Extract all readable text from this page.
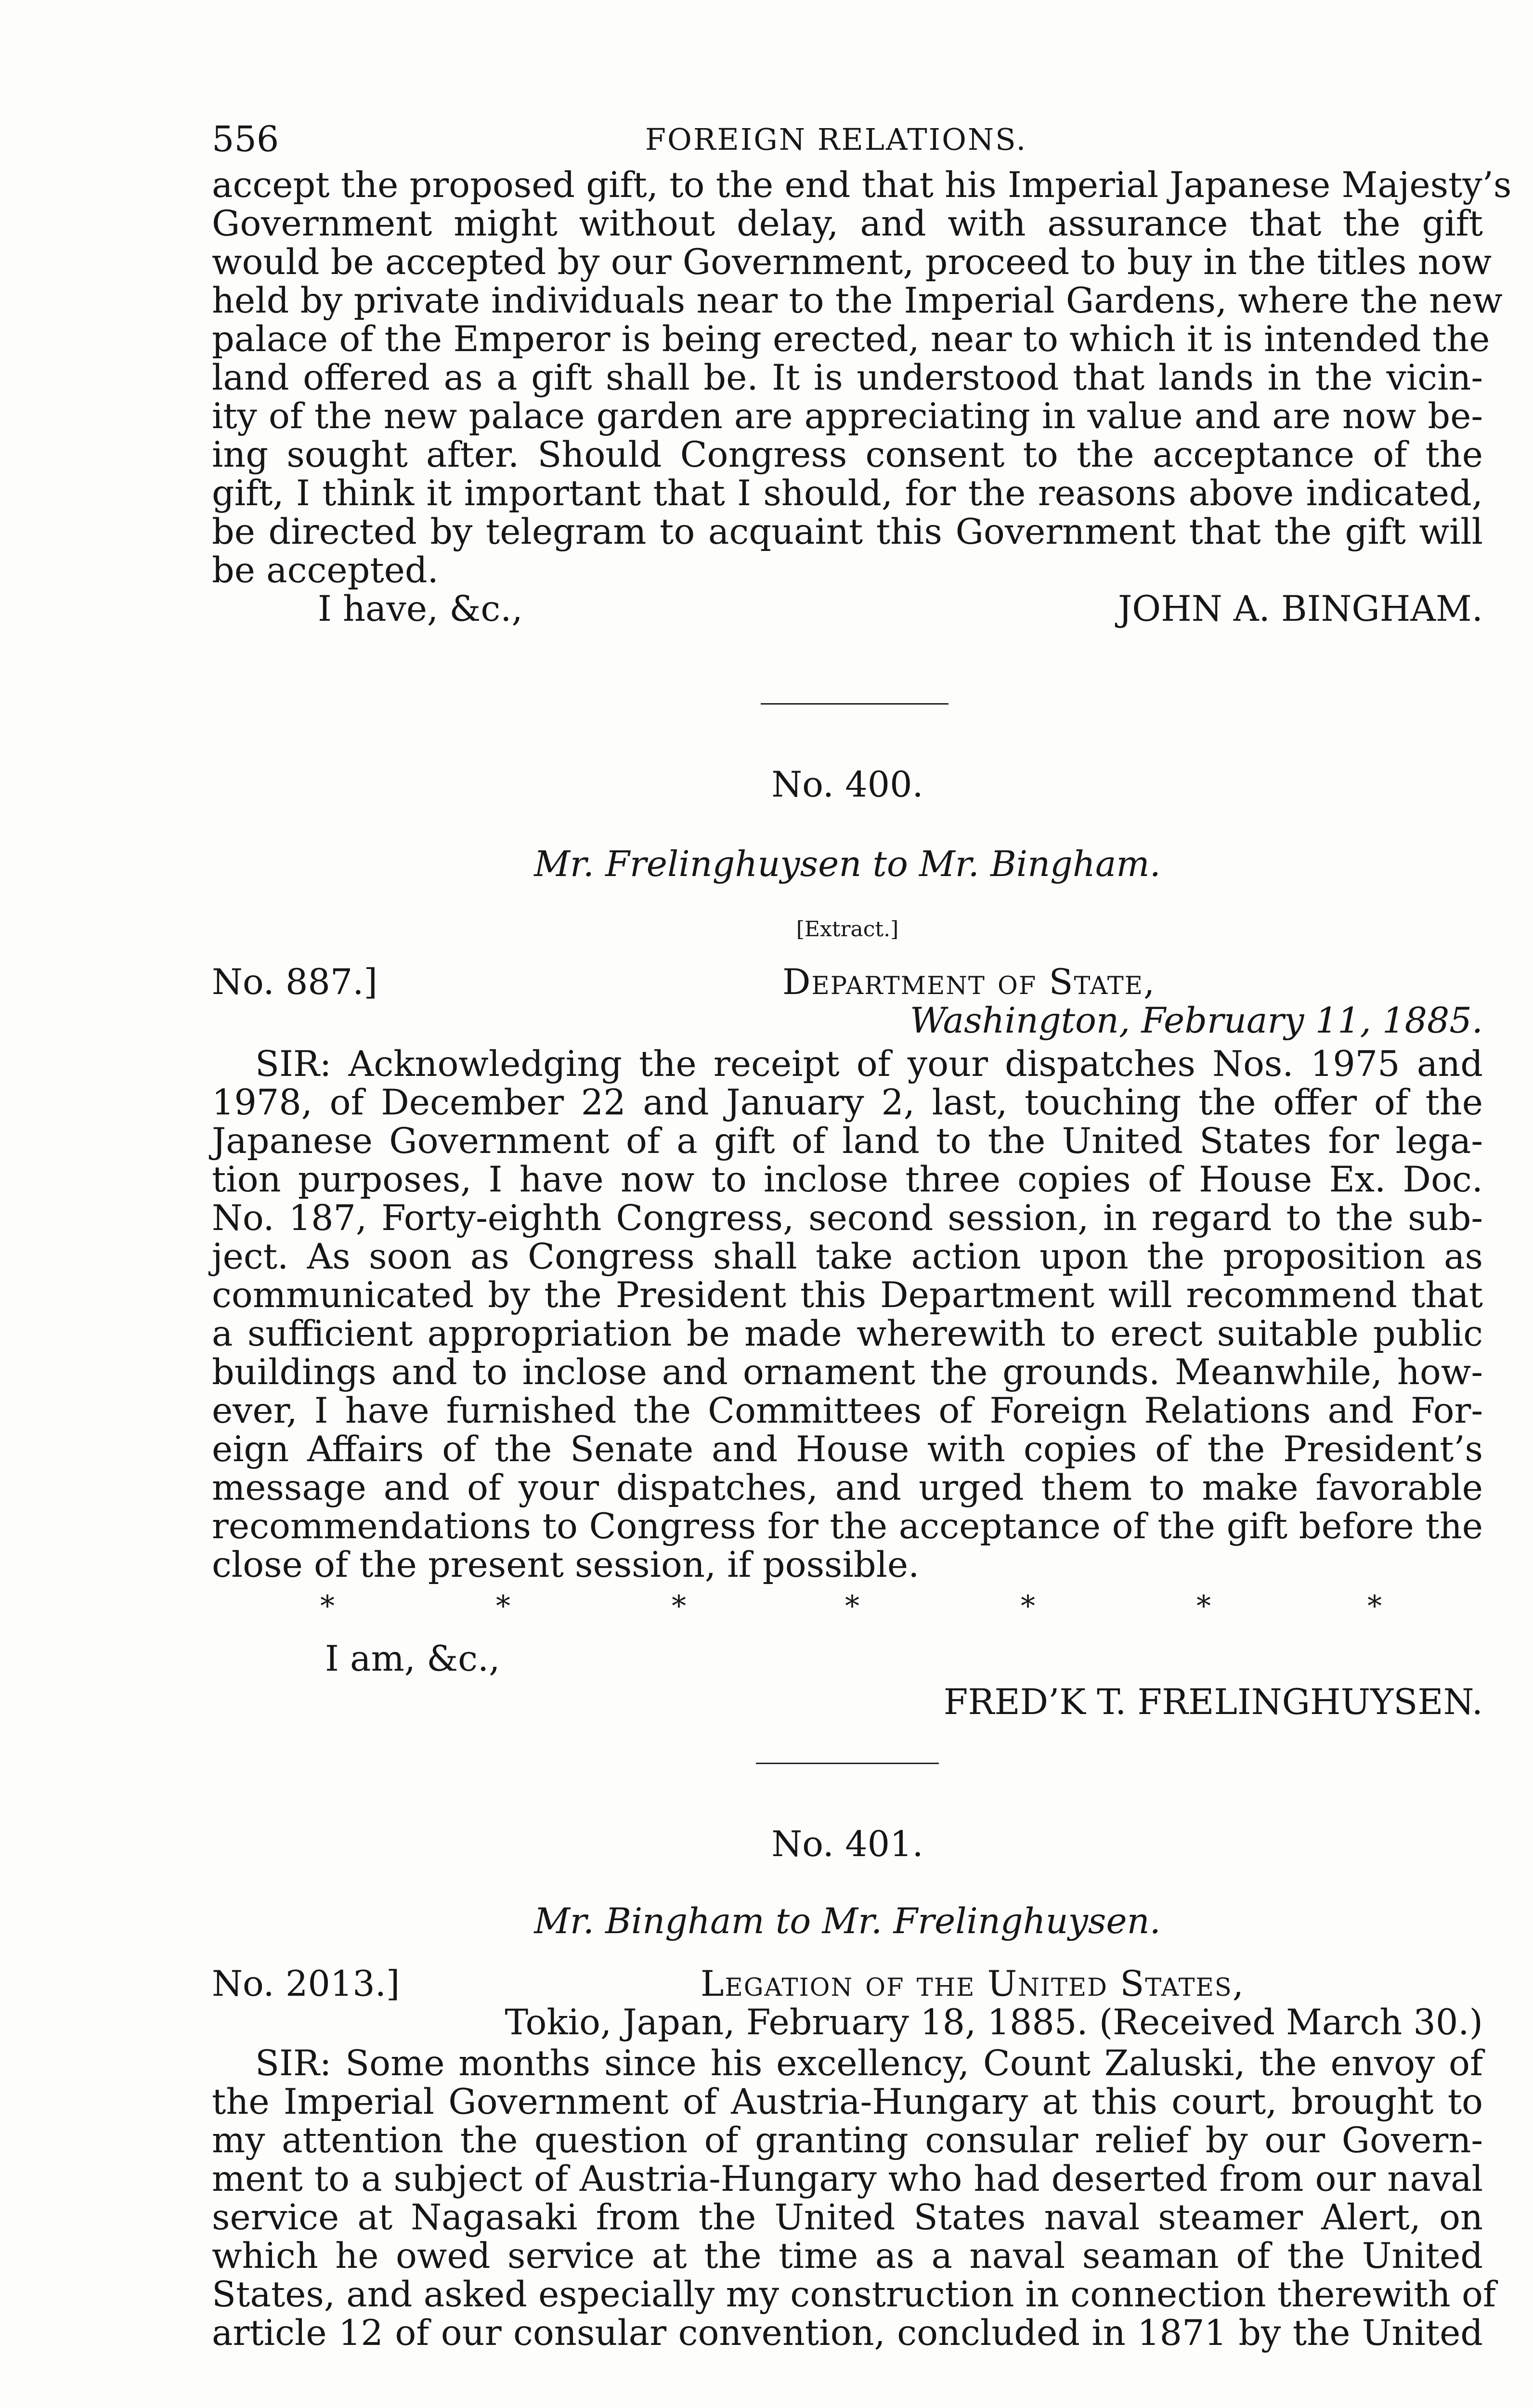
556	FOREIGN RELATIONS.
accept the proposed gift, to the end that his Imperial Japanese Majesty’s
Government might without delay, and with assurance that the gift
would be accepted by our Government, proceed to buy in the titles now
held by private individuals near to the Imperial Gardens, where the new
palace of the Emperor is being erected, near to which it is intended the
land offered as a gift shall be. It is understood that lands in the vicin-
ity of the new palace garden are appreciating in value and are now be-
ing sought after. Should Congress consent to the acceptance of the
gift, I think it important that I should, for the reasons above indicated,
be directed by telegram to acquaint this Government that the gift will
be accepted.
I have, &c.,	JOHN A. BINGHAM.
No. 400.
Mr. Frelinghuysen to Mr. Bingham.
[Extract.]
No. 887.]	Department of State,
Washington, February 11, 1885.
SIR: Acknowledging the receipt of your dispatches Nos. 1975 and
1978, of December 22 and January 2, last, touching the offer of the
Japanese Government of a gift of land to the United States for lega-
tion purposes, I have now to inclose three copies of House Ex. Doc.
No. 187, Forty-eighth Congress, second session, in regard to the sub-
ject. As soon as Congress shall take action upon the proposition as
communicated by the President this Department will recommend that
a sufficient appropriation be made wherewith to erect suitable public
buildings and to inclose and ornament the grounds. Meanwhile, how-
ever, I have furnished the Committees of Foreign Relations and For-
eign Affairs of the Senate and House with copies of the President’s
message and of your dispatches, and urged them to make favorable
recommendations to Congress for the acceptance of the gift before the
close of the present session, if possible.
*	*	*	*	*	*	*
I am, &c.,
FRED’K T. FRELINGHUYSEN.
No. 401.
Mr. Bingham to Mr. Frelinghuysen.
No. 2013.]	Legation of the United States,
Tokio, Japan, February 18, 1885. (Received March 30.)
SIR: Some months since his excellency, Count Zaluski, the envoy of
the Imperial Government of Austria-Hungary at this court, brought to
my attention the question of granting consular relief by our Govern-
ment to a subject of Austria-Hungary who had deserted from our naval
service at Nagasaki from the United States naval steamer Alert, on
which he owed service at the time as a naval seaman of the United
States, and asked especially my construction in connection therewith of
article 12 of our consular convention, concluded in 1871 by the United
